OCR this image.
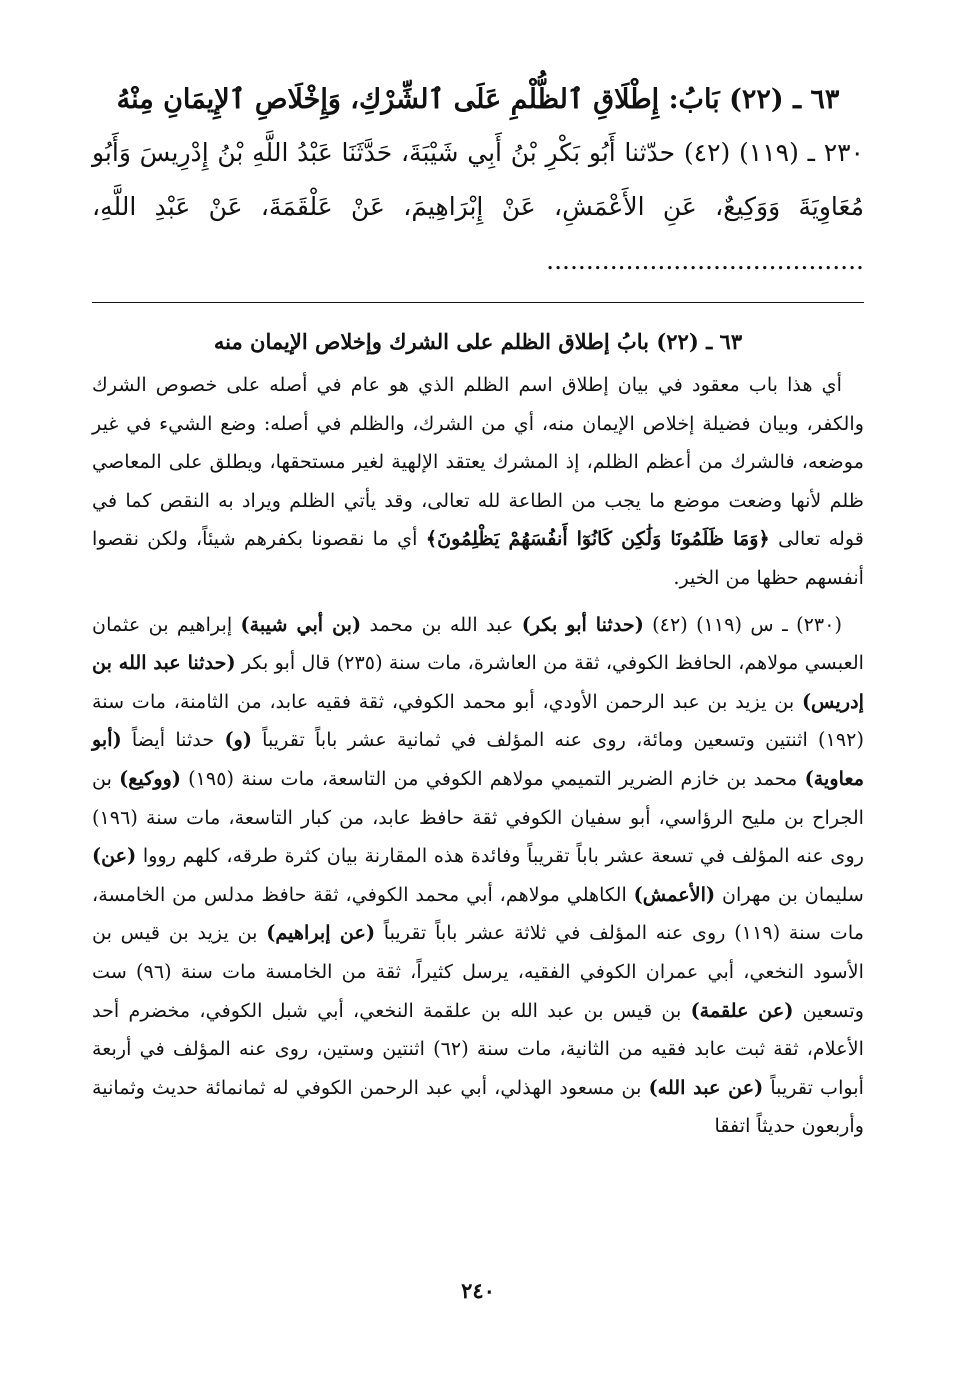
٦٣ ـ (٢٢) بَابُ: إِطْلَاقِ ٱلظُّلْمِ عَلَى ٱلشِّرْكِ، وَإِخْلَاصِ ٱلإِيمَانِ مِنْهُ

٢٣٠ ـ (١١٩) (٤٢) حدّثنا أَبُو بَكْرِ بْنُ أَبِي شَيْبَةَ، حَدَّثَنَا عَبْدُ اللَّهِ بْنُ إِدْرِيسَ وَأَبُو مُعَاوِيَةَ وَوَكِيعٌ، عَنِ الأَعْمَشِ، عَنْ إِبْرَاهِيمَ، عَنْ عَلْقَمَةَ، عَنْ عَبْدِ اللَّهِ، ........................................

٦٣ ـ (٢٢) بابُ إطلاق الظلم على الشرك وإخلاص الإيمان منه

أي هذا باب معقود في بيان إطلاق اسم الظلم الذي هو عام في أصله على خصوص الشرك والكفر، وبيان فضيلة إخلاص الإيمان منه، أي من الشرك، والظلم في أصله: وضع الشيء في غير موضعه، فالشرك من أعظم الظلم، إذ المشرك يعتقد الإلهية لغير مستحقها، ويطلق على المعاصي ظلم لأنها وضعت موضع ما يجب من الطاعة لله تعالى، وقد يأتي الظلم ويراد به النقص كما في قوله تعالى ﴿وَمَا ظَلَمُونَا وَلَٰكِن كَانُوٓا أَنفُسَهُمْ يَظْلِمُونَ﴾ أي ما نقصونا بكفرهم شيئاً، ولكن نقصوا أنفسهم حظها من الخير.

(٢٣٠) ـ س (١١٩) (٤٢) (حدثنا أبو بكر) عبد الله بن محمد (بن أبي شيبة) إبراهيم بن عثمان العبسي مولاهم، الحافظ الكوفي، ثقة من العاشرة، مات سنة (٢٣٥) قال أبو بكر (حدثنا عبد الله بن إدريس) بن يزيد بن عبد الرحمن الأودي، أبو محمد الكوفي، ثقة فقيه عابد، من الثامنة، مات سنة (١٩٢) اثنتين وتسعين ومائة، روى عنه المؤلف في ثمانية عشر باباً تقريباً (و) حدثنا أيضاً (أبو معاوية) محمد بن خازم الضرير التميمي مولاهم الكوفي من التاسعة، مات سنة (١٩٥) (ووكيع) بن الجراح بن مليح الرؤاسي، أبو سفيان الكوفي ثقة حافظ عابد، من كبار التاسعة، مات سنة (١٩٦) روى عنه المؤلف في تسعة عشر باباً تقريباً وفائدة هذه المقارنة بيان كثرة طرقه، كلهم رووا (عن) سليمان بن مهران (الأعمش) الكاهلي مولاهم، أبي محمد الكوفي، ثقة حافظ مدلس من الخامسة، مات سنة (١١٩) روى عنه المؤلف في ثلاثة عشر باباً تقريباً (عن إبراهيم) بن يزيد بن قيس بن الأسود النخعي، أبي عمران الكوفي الفقيه، يرسل كثيراً، ثقة من الخامسة مات سنة (٩٦) ست وتسعين (عن علقمة) بن قيس بن عبد الله بن علقمة النخعي، أبي شبل الكوفي، مخضرم أحد الأعلام، ثقة ثبت عابد فقيه من الثانية، مات سنة (٦٢) اثنتين وستين، روى عنه المؤلف في أربعة أبواب تقريباً (عن عبد الله) بن مسعود الهذلي، أبي عبد الرحمن الكوفي له ثمانمائة حديث وثمانية وأربعون حديثاً اتفقا

٢٤٠
